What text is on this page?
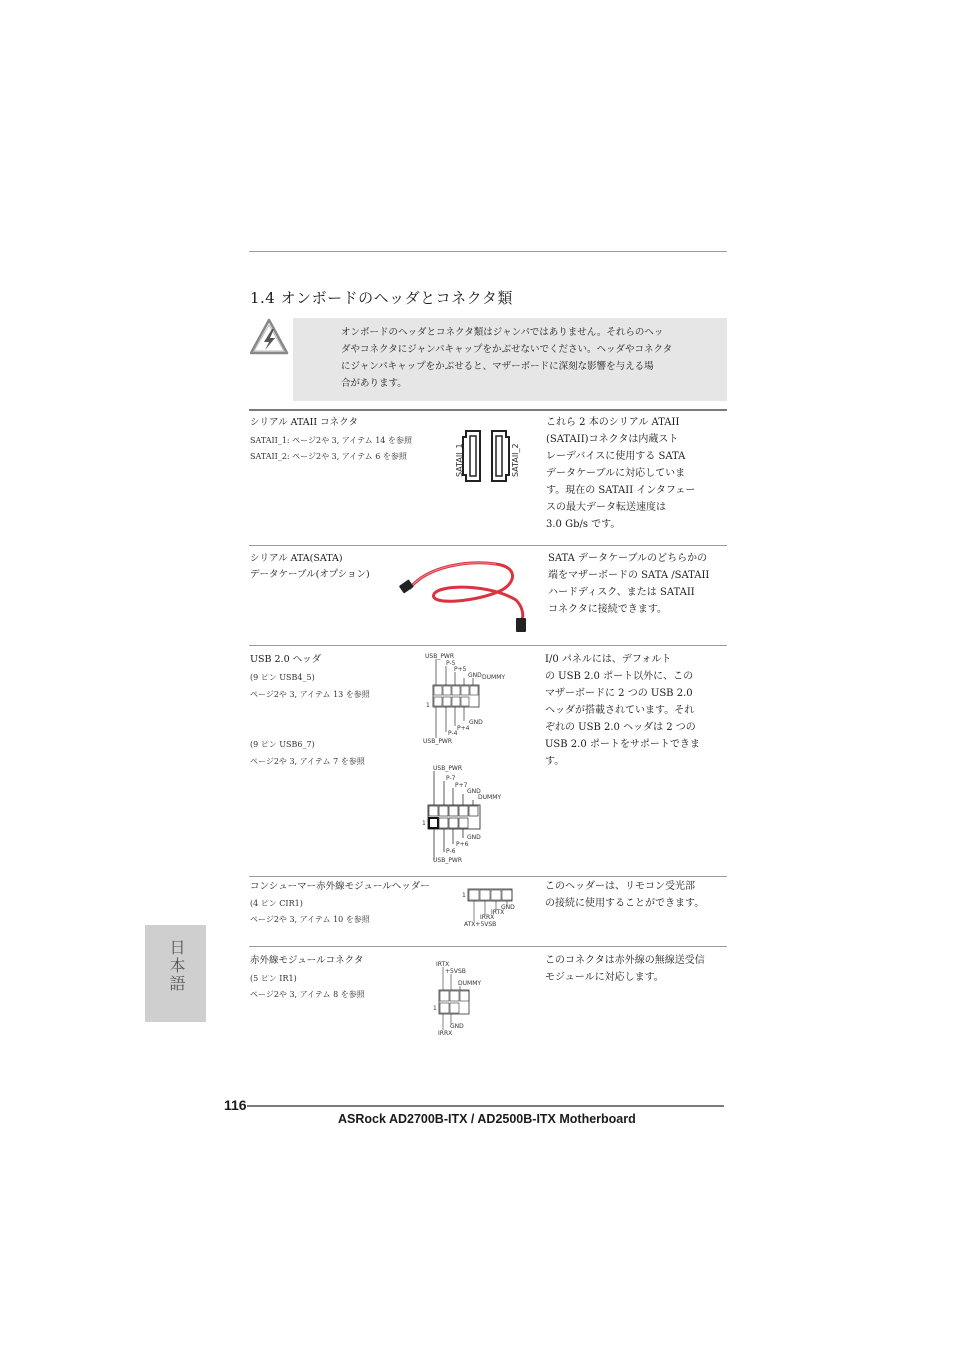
1.4 オンボードのヘッダとコネクタ類
オンボードのヘッダとコネクタ類はジャンパではありません。それらのヘッ
ダやコネクタにジャンパキャップをかぶせないでください。ヘッダやコネクタ
にジャンパキャップをかぶせると、マザーボードに深刻な影響を与える場
合があります。
シリアル ATAII コネクタ
SATAII_1: ページ2や 3, アイテム 14 を参照
SATAII_2: ページ2や 3, アイテム 6 を参照	SATAII_1	SATAII_2
これら 2 本のシリアル ATAII
(SATAII)コネクタは内蔵スト
レーデバイスに使用する SATA
データケーブルに対応していま
す。現在の SATAII インタフェー
スの最大データ転送速度は
3.0 Gb/s です。
シリアル ATA(SATA)
データケーブル(オプション)
SATA データケーブルのどちらかの
端をマザーボードの SATA /SATAII
ハードディスク、または SATAII
コネクタに接続できます。
USB 2.0 ヘッダ
(9 ピン USB4_5)
ページ2や 3, アイテム 13 を参照
(9 ピン USB6_7)
ページ2や 3, アイテム 7 を参照
USB_PWR
P-5
P+5
GND DUMMY
1
GND
P+4
P-4
USB_PWR
USB_PWR
P-7
P+7
GND
DUMMY
1
GND
P+6
P-6
USB_PWR
I/0 パネルには、デフォルト
の USB 2.0 ポート以外に、この
マザーボードに 2 つの USB 2.0
ヘッダが搭載されています。それ
ぞれの USB 2.0 ヘッダは 2 つの
USB 2.0 ポートをサポートできま
す。
コンシューマー赤外線モジュールヘッダー
(4 ピン CIR1)
ページ2や 3, アイテム 10 を参照
1
GND
IRTX
IRRX
ATX+5VSB
このヘッダーは、リモコン受光部
の接続に使用することができます。
赤外線モジュールコネクタ
(5 ピン IR1)
ページ2や 3, アイテム 8 を参照
IRTX
+5VSB
DUMMY
1
GND
IRRX
このコネクタは赤外線の無線送受信
モジュールに対応します。
日本語
116
ASRock AD2700B-ITX / AD2500B-ITX Motherboard
